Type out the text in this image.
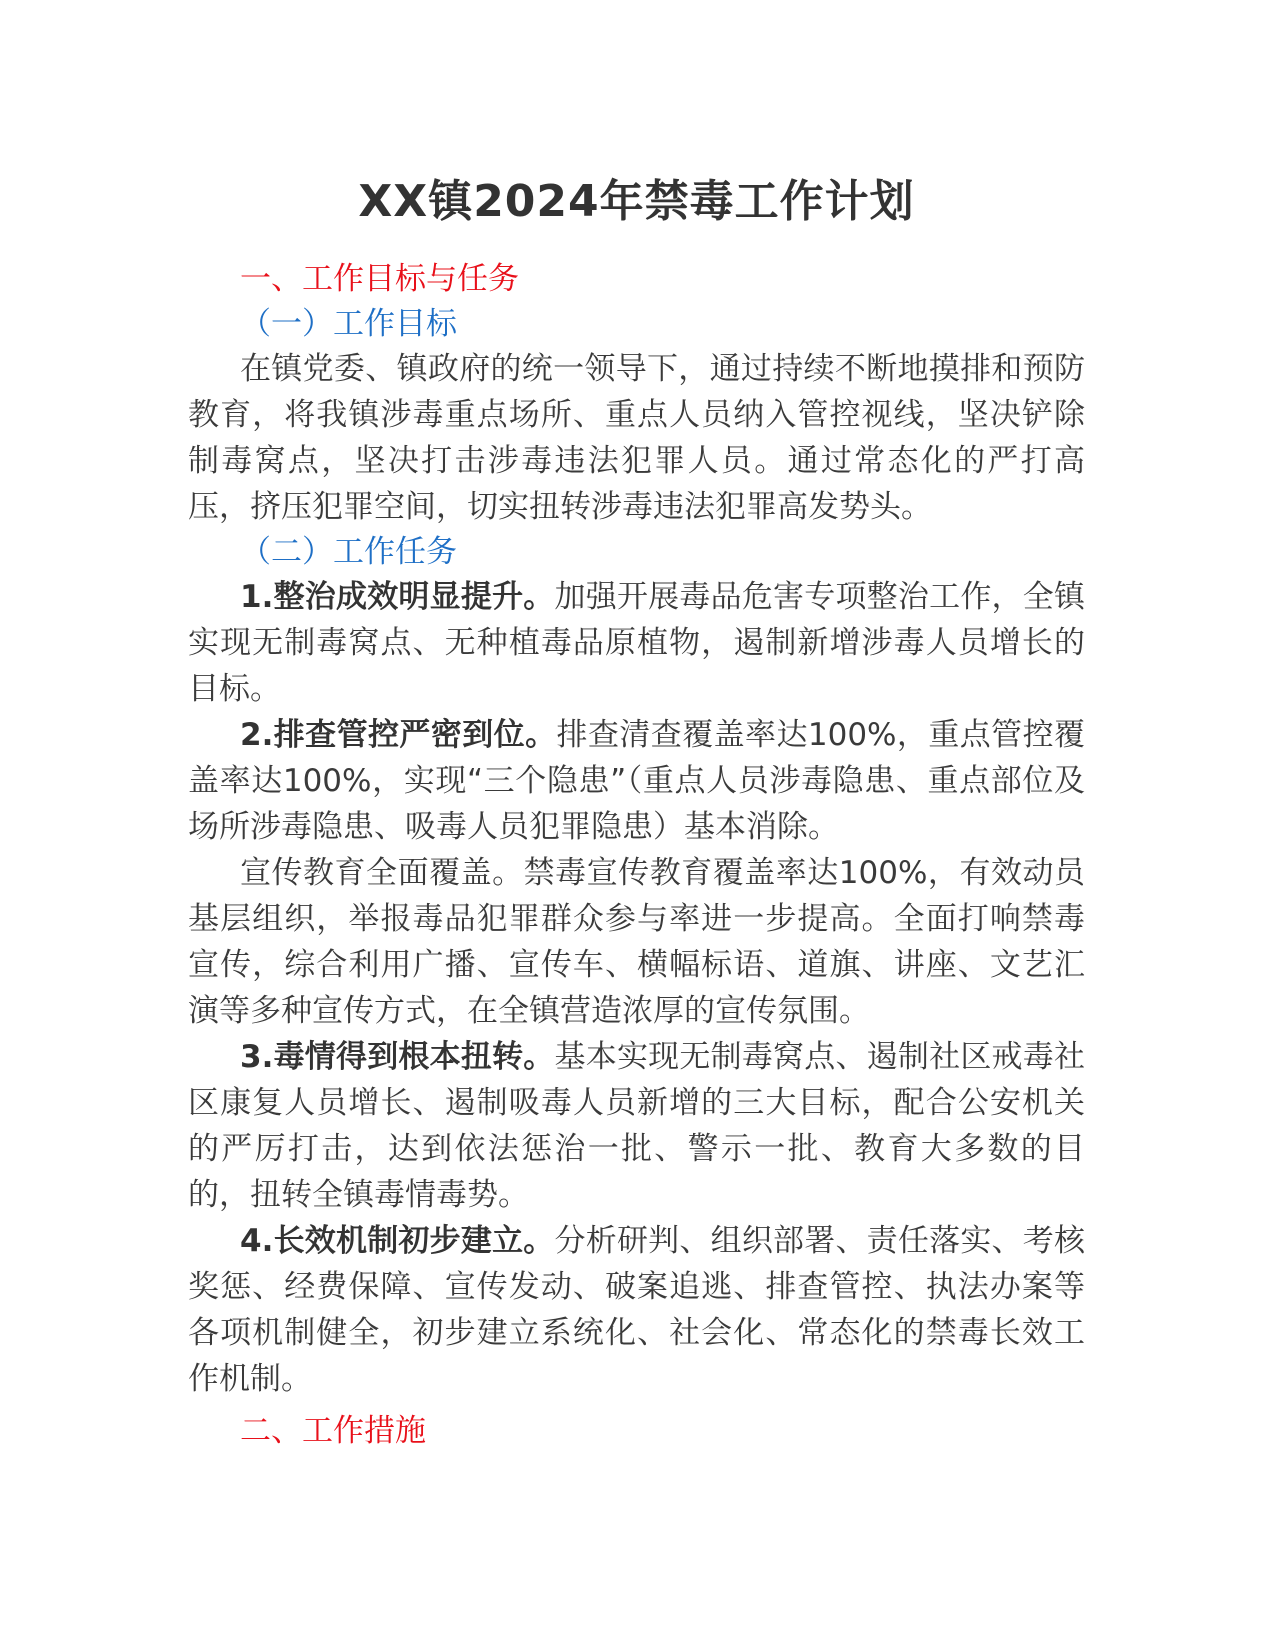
XX镇2024年禁毒工作计划

一、工作目标与任务

（一）工作目标

在镇党委、镇政府的统一领导下，通过持续不断地摸排和预防教育，将我镇涉毒重点场所、重点人员纳入管控视线，坚决铲除制毒窝点，坚决打击涉毒违法犯罪人员。通过常态化的严打高压，挤压犯罪空间，切实扭转涉毒违法犯罪高发势头。

（二）工作任务

1.整治成效明显提升。加强开展毒品危害专项整治工作，全镇实现无制毒窝点、无种植毒品原植物，遏制新增涉毒人员增长的目标。

2.排查管控严密到位。排查清查覆盖率达100%，重点管控覆盖率达100%，实现“三个隐患”（重点人员涉毒隐患、重点部位及场所涉毒隐患、吸毒人员犯罪隐患）基本消除。

宣传教育全面覆盖。禁毒宣传教育覆盖率达100%，有效动员基层组织，举报毒品犯罪群众参与率进一步提高。全面打响禁毒宣传，综合利用广播、宣传车、横幅标语、道旗、讲座、文艺汇演等多种宣传方式，在全镇营造浓厚的宣传氛围。

3.毒情得到根本扭转。基本实现无制毒窝点、遏制社区戒毒社区康复人员增长、遏制吸毒人员新增的三大目标，配合公安机关的严厉打击，达到依法惩治一批、警示一批、教育大多数的目的，扭转全镇毒情毒势。

4.长效机制初步建立。分析研判、组织部署、责任落实、考核奖惩、经费保障、宣传发动、破案追逃、排查管控、执法办案等各项机制健全，初步建立系统化、社会化、常态化的禁毒长效工作机制。

二、工作措施
